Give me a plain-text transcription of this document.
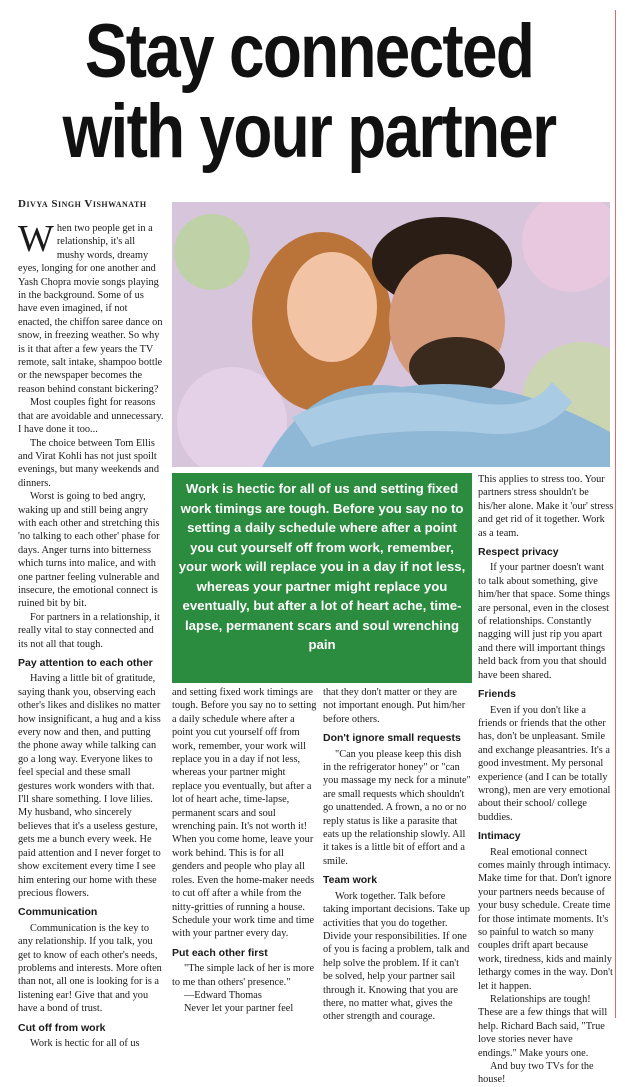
Stay connected with your partner
Divya Singh Vishwanath
Work is hectic for all of us and setting fixed work timings are tough. Before you say no to setting a daily schedule where after a point you cut yourself off from work, remember, your work will replace you in a day if not less, whereas your partner might replace you eventually, but after a lot of heart ache, time-lapse, permanent scars and soul wrenching pain

When two people get in a relationship, it's all mushy words, dreamy eyes, longing for one another and Yash Chopra movie songs playing in the background. Some of us have even imagined, if not enacted, the chiffon saree dance on snow, in freezing weather. So why is it that after a few years the TV remote, salt intake, shampoo bottle or the newspaper becomes the reason behind constant bickering?

Most couples fight for reasons that are avoidable and unnecessary. I have done it too...

The choice between Tom Ellis and Virat Kohli has not just spoilt evenings, but many weekends and dinners.

Worst is going to bed angry, waking up and still being angry with each other and stretching this 'no talking to each other' phase for days. Anger turns into bitterness which turns into malice, and with one partner feeling vulnerable and insecure, the emotional connect is ruined bit by bit.

For partners in a relationship, it really vital to stay connected and its not all that tough.

Pay attention to each other

Having a little bit of gratitude, saying thank you, observing each other's likes and dislikes no matter how insignificant, a hug and a kiss every now and then, and putting the phone away while talking can go a long way. Everyone likes to feel special and these small gestures work wonders with that. I'll share something. I love lilies. My husband, who sincerely believes that it's a useless gesture, gets me a bunch every week. He paid attention and I never forget to show excitement every time I see him entering our home with these precious flowers.

Communication

Communication is the key to any relationship. If you talk, you get to know of each other's needs, problems and interests. More often than not, all one is looking for is a listening ear! Give that and you have a bond of trust.

Cut off from work

Work is hectic for all of us

and setting fixed work timings are tough. Before you say no to setting a daily schedule where after a point you cut yourself off from work, remember, your work will replace you in a day if not less, whereas your partner might replace you eventually, but after a lot of heart ache, time-lapse, permanent scars and soul wrenching pain. It's not worth it! When you come home, leave your work behind. This is for all genders and people who play all roles. Even the home-maker needs to cut off after a while from the nitty-gritties of running a house. Schedule your work time and time with your partner every day.

Put each other first

"The simple lack of her is more to me than others' presence."

—Edward Thomas

Never let your partner feel

that they don't matter or they are not important enough. Put him/her before others.

Don't ignore small requests

"Can you please keep this dish in the refrigerator honey" or "can you massage my neck for a minute" are small requests which shouldn't go unattended. A frown, a no or no reply status is like a parasite that eats up the relationship slowly. All it takes is a little bit of effort and a smile.

Team work

Work together. Talk before taking important decisions. Take up activities that you do together. Divide your responsibilities. If one of you is facing a problem, talk and help solve the problem. If it can't be solved, help your partner sail through it. Knowing that you are there, no matter what, gives the other strength and courage.

This applies to stress too. Your partners stress shouldn't be his/her alone. Make it 'our' stress and get rid of it together. Work as a team.

Respect privacy

If your partner doesn't want to talk about something, give him/her that space. Some things are personal, even in the closest of relationships. Constantly nagging will just rip you apart and there will important things held back from you that should have been shared.

Friends

Even if you don't like a friends or friends that the other has, don't be unpleasant. Smile and exchange pleasantries. It's a good investment. My personal experience (and I can be totally wrong), men are very emotional about their school/ college buddies.

Intimacy

Real emotional connect comes mainly through intimacy. Make time for that. Don't ignore your partners needs because of your busy schedule. Create time for those intimate moments. It's so painful to watch so many couples drift apart because work, tiredness, kids and mainly lethargy comes in the way. Don't let it happen.

Relationships are tough! These are a few things that will help. Richard Bach said, "True love stories never have endings." Make yours one.

And buy two TVs for the house!
